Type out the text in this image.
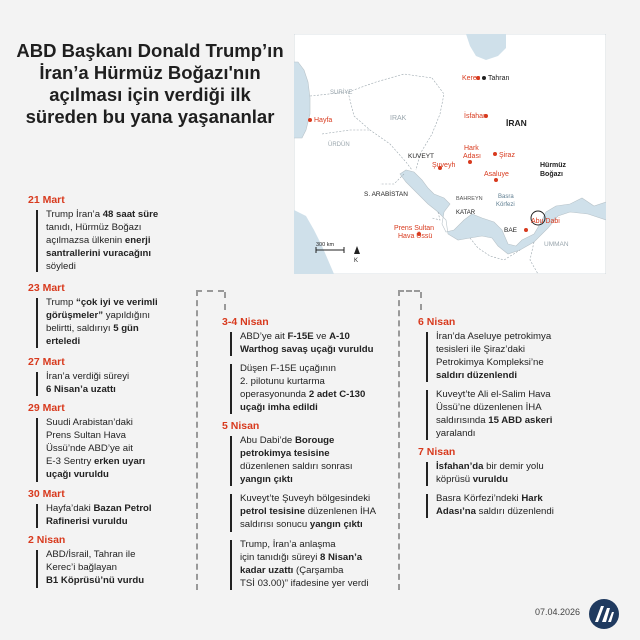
ABD Başkanı Donald Trump’ın İran’a Hürmüz Boğazı'nın açılması için verdiği ilk süreden bu yana yaşananlar
Kerec Tahran
İsfahan
İRAN
IRAK
SURİYE
ÜRDÜN
Hayfa
KUVEYT
Şuveyh
Hark
Adası	Şiraz
Asaluye
Hürmüz
Boğazı
S. ARABİSTAN
BAHREYN
KATAR
Basra
Körfezi
Abu Dabi
BAE
UMMAN
Prens Sultan
Hava Üssü
300 km
K
21 Mart
Trump İran’a 48 saat süre
tanıdı, Hürmüz Boğazı
açılmazsa ülkenin enerji
santrallerini vuracağını
söyledi
23 Mart
Trump “çok iyi ve verimli
görüşmeler” yapıldığını
belirtti, saldırıyı 5 gün
erteledi
27 Mart
İran’a verdiği süreyi
6 Nisan’a uzattı
29 Mart
Suudi Arabistan’daki
Prens Sultan Hava
Üssü’nde ABD’ye ait
E-3 Sentry erken uyarı
uçağı vuruldu
30 Mart
Hayfa’daki Bazan Petrol
Rafinerisi vuruldu
2 Nisan
ABD/İsrail, Tahran ile
Kerec’i bağlayan
B1 Köprüsü’nü vurdu
3-4 Nisan
ABD’ye ait F-15E ve A-10
Warthog savaş uçağı vuruldu
Düşen F-15E uçağının
2. pilotunu kurtarma
operasyonunda 2 adet C-130
uçağı imha edildi
5 Nisan
Abu Dabi’de Borouge
petrokimya tesisine
düzenlenen saldırı sonrası
yangın çıktı
Kuveyt’te Şuveyh bölgesindeki
petrol tesisine düzenlenen İHA
saldırısı sonucu yangın çıktı
Trump, İran’a anlaşma
için tanıdığı süreyi 8 Nisan’a
kadar uzattı (Çarşamba
TSİ 03.00)” ifadesine yer verdi
6 Nisan
İran’da Aseluye petrokimya
tesisleri ile Şiraz’daki
Petrokimya Kompleksi’ne
saldırı düzenlendi
Kuveyt’te Ali el-Salim Hava
Üssü’ne düzenlenen İHA
saldırısında 15 ABD askeri
yaralandı
7 Nisan
İsfahan’da bir demir yolu
köprüsü vuruldu
Basra Körfezi’ndeki Hark
Adası’na saldırı düzenlendi
07.04.2026
